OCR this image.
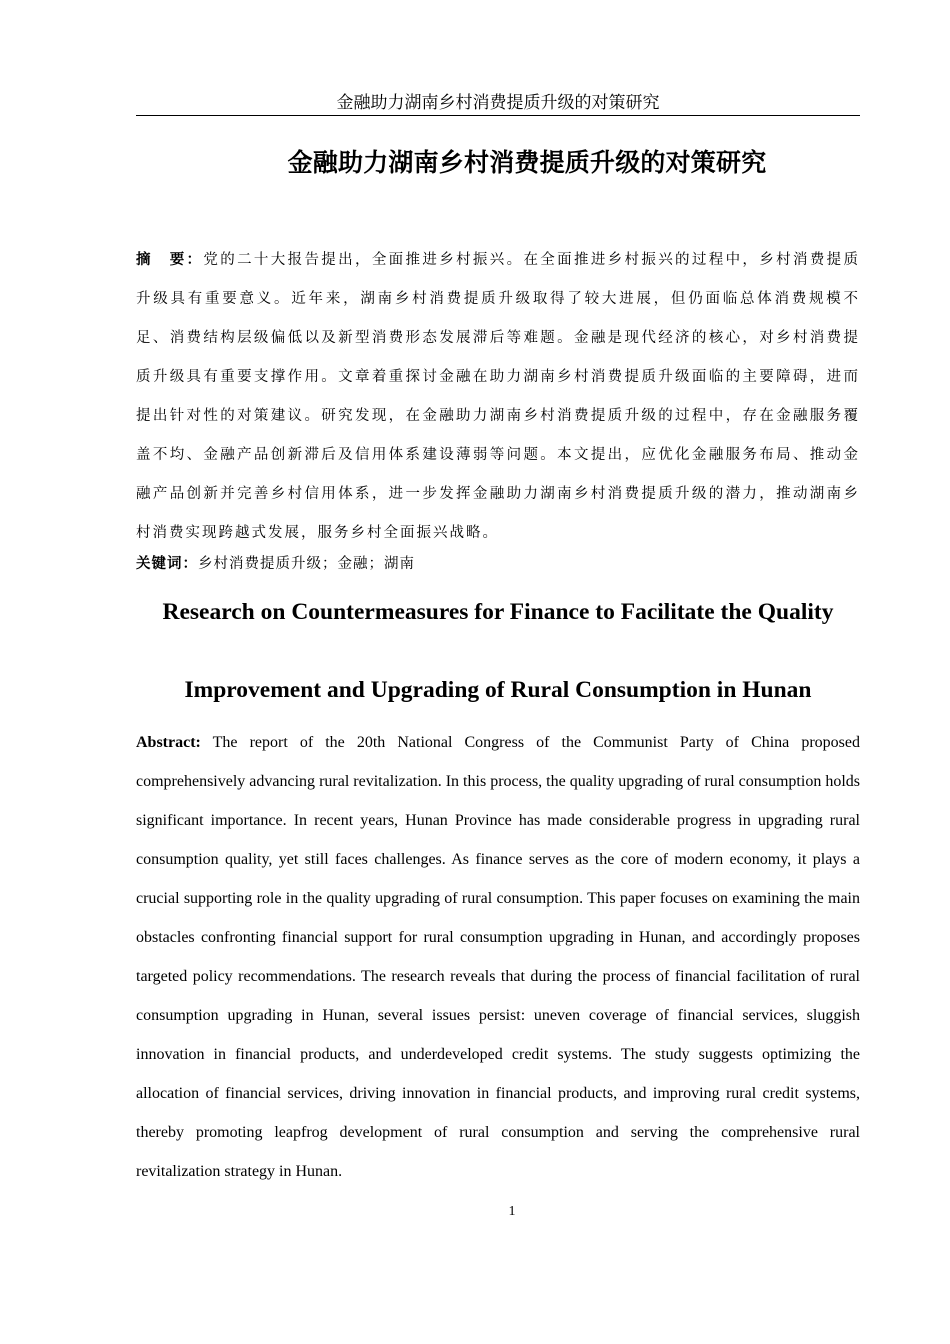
金融助力湖南乡村消费提质升级的对策研究
金融助力湖南乡村消费提质升级的对策研究
摘　要：党的二十大报告提出，全面推进乡村振兴。在全面推进乡村振兴的过程中，乡村消费提质升级具有重要意义。近年来，湖南乡村消费提质升级取得了较大进展，但仍面临总体消费规模不足、消费结构层级偏低以及新型消费形态发展滞后等难题。金融是现代经济的核心，对乡村消费提质升级具有重要支撑作用。文章着重探讨金融在助力湖南乡村消费提质升级面临的主要障碍，进而提出针对性的对策建议。研究发现，在金融助力湖南乡村消费提质升级的过程中，存在金融服务覆盖不均、金融产品创新滞后及信用体系建设薄弱等问题。本文提出，应优化金融服务布局、推动金融产品创新并完善乡村信用体系，进一步发挥金融助力湖南乡村消费提质升级的潜力，推动湖南乡村消费实现跨越式发展，服务乡村全面振兴战略。
关键词：乡村消费提质升级；金融；湖南
Research on Countermeasures for Finance to Facilitate the Quality
Improvement and Upgrading of Rural Consumption in Hunan
Abstract: The report of the 20th National Congress of the Communist Party of China proposed comprehensively advancing rural revitalization. In this process, the quality upgrading of rural consumption holds significant importance. In recent years, Hunan Province has made considerable progress in upgrading rural consumption quality, yet still faces challenges. As finance serves as the core of modern economy, it plays a crucial supporting role in the quality upgrading of rural consumption. This paper focuses on examining the main obstacles confronting financial support for rural consumption upgrading in Hunan, and accordingly proposes targeted policy recommendations. The research reveals that during the process of financial facilitation of rural consumption upgrading in Hunan, several issues persist: uneven coverage of financial services, sluggish innovation in financial products, and underdeveloped credit systems. The study suggests optimizing the allocation of financial services, driving innovation in financial products, and improving rural credit systems, thereby promoting leapfrog development of rural consumption and serving the comprehensive rural revitalization strategy in Hunan.
1
